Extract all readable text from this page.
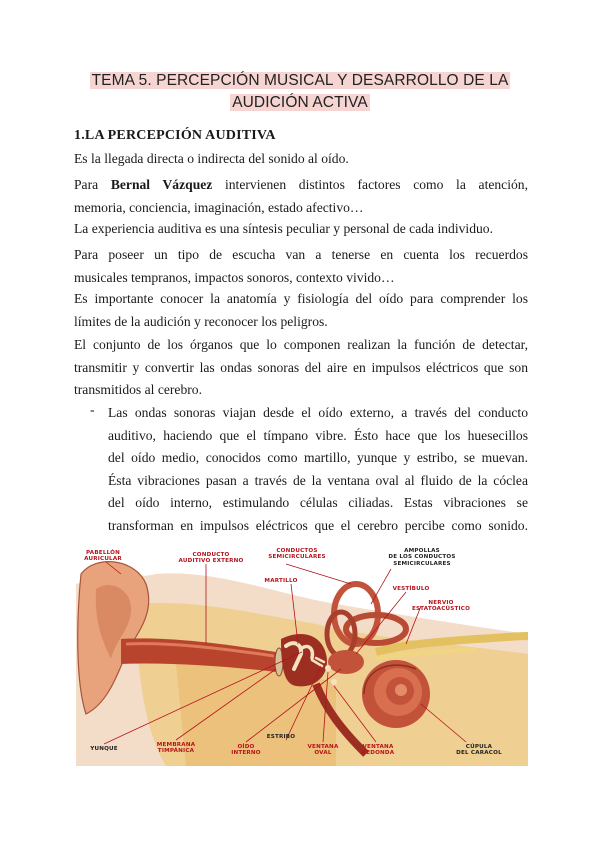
TEMA 5. PERCEPCIÓN MUSICAL Y DESARROLLO DE LA
AUDICIÓN ACTIVA
1.LA PERCEPCIÓN AUDITIVA
Es la llegada directa o indirecta del sonido al oído.
Para Bernal Vázquez intervienen distintos factores como la atención,
memoria, conciencia, imaginación, estado afectivo…
La experiencia auditiva es una síntesis peculiar y personal de cada individuo.
Para poseer un tipo de escucha van a tenerse en cuenta los recuerdos
musicales tempranos, impactos sonoros, contexto vivido…
Es importante conocer la anatomía y fisiología del oído para comprender los
límites de la audición y reconocer los peligros.
El conjunto de los órganos que lo componen realizan la función de detectar,
transmitir y convertir las ondas sonoras del aire en impulsos eléctricos que son
transmitidos al cerebro.
- Las ondas sonoras viajan desde el oído externo, a través del conducto
auditivo, haciendo que el tímpano vibre. Ésto hace que los huesecillos
del oído medio, conocidos como martillo, yunque y estribo, se muevan.
Ésta vibraciones pasan a través de la ventana oval al fluido de la cóclea
del oído interno, estimulando células ciliadas. Estas vibraciones se
transforman en impulsos eléctricos que el cerebro percibe como sonido.
PABELLÓN
AURICULAR
CONDUCTO
AUDITIVO EXTERNO
CONDUCTOS
SEMICIRCULARES
AMPOLLAS
DE LOS CONDUCTOS
SEMICIRCULARES
MARTILLO
VESTÍBULO
NERVIO
ESTATOACÚSTICO
ESTRIBO
YUNQUE
MEMBRANA
TIMPÁNICA
OÍDO
INTERNO
VENTANA
OVAL
VENTANA
REDONDA
CÚPULA
DEL CARACOL
